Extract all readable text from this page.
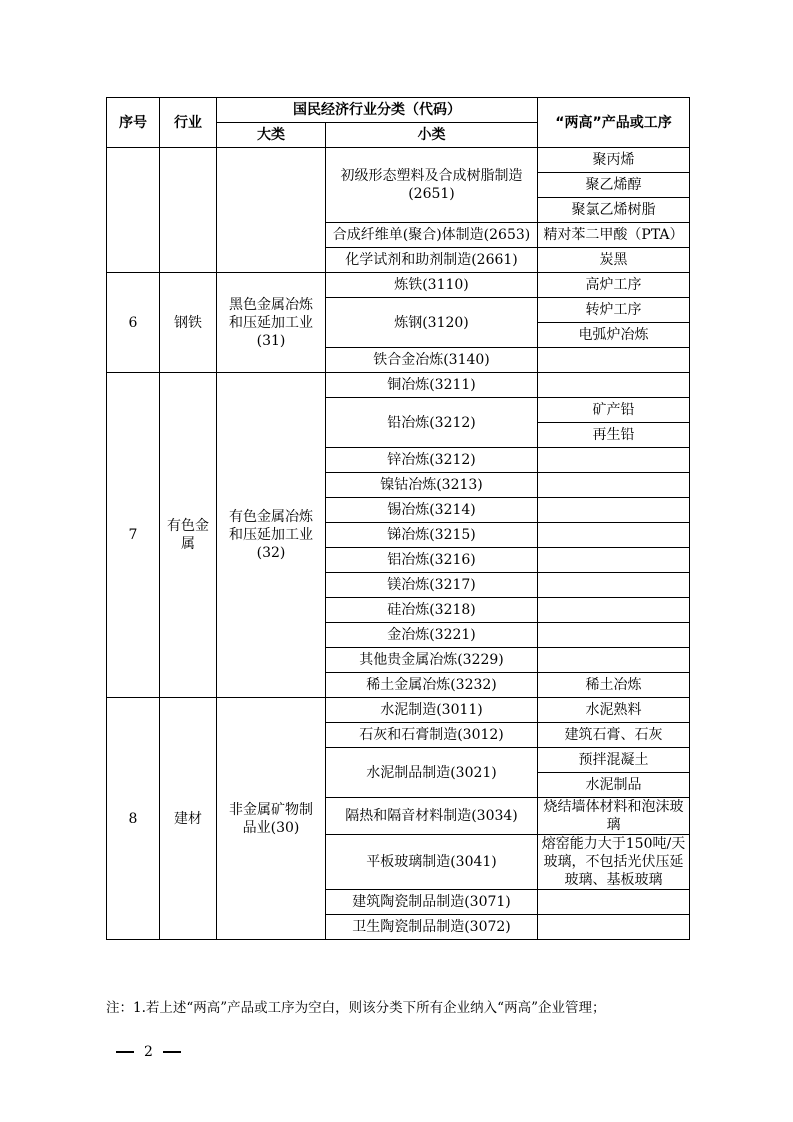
序号	行业	国民经济行业分类（代码）		“两高”产品或工序
		大类	小类	
			初级形态塑料及合成树脂制造(2651)	聚丙烯
				聚乙烯醇
				聚氯乙烯树脂
			合成纤维单(聚合)体制造(2653)	精对苯二甲酸（PTA）
			化学试剂和助剂制造(2661)	炭黑
6	钢铁	黑色金属冶炼和压延加工业(31)	炼铁(3110)	高炉工序
			炼钢(3120)	转炉工序
				电弧炉冶炼
			铁合金冶炼(3140)	
7	有色金属	有色金属冶炼和压延加工业(32)	铜冶炼(3211)	
			铅冶炼(3212)	矿产铅
				再生铅
			锌冶炼(3212)	
			镍钴冶炼(3213)	
			锡冶炼(3214)	
			锑冶炼(3215)	
			铝冶炼(3216)	
			镁冶炼(3217)	
			硅冶炼(3218)	
			金冶炼(3221)	
			其他贵金属冶炼(3229)	
			稀土金属冶炼(3232)	稀土冶炼
8	建材	非金属矿物制品业(30)	水泥制造(3011)	水泥熟料
			石灰和石膏制造(3012)	建筑石膏、石灰
			水泥制品制造(3021)	预拌混凝土
				水泥制品
			隔热和隔音材料制造(3034)	烧结墙体材料和泡沫玻璃
			平板玻璃制造(3041)	熔窑能力大于150吨/天玻璃，不包括光伏压延玻璃、基板玻璃
			建筑陶瓷制品制造(3071)	
			卫生陶瓷制品制造(3072)	
注：1.若上述“两高”产品或工序为空白，则该分类下所有企业纳入“两高”企业管理；
2
